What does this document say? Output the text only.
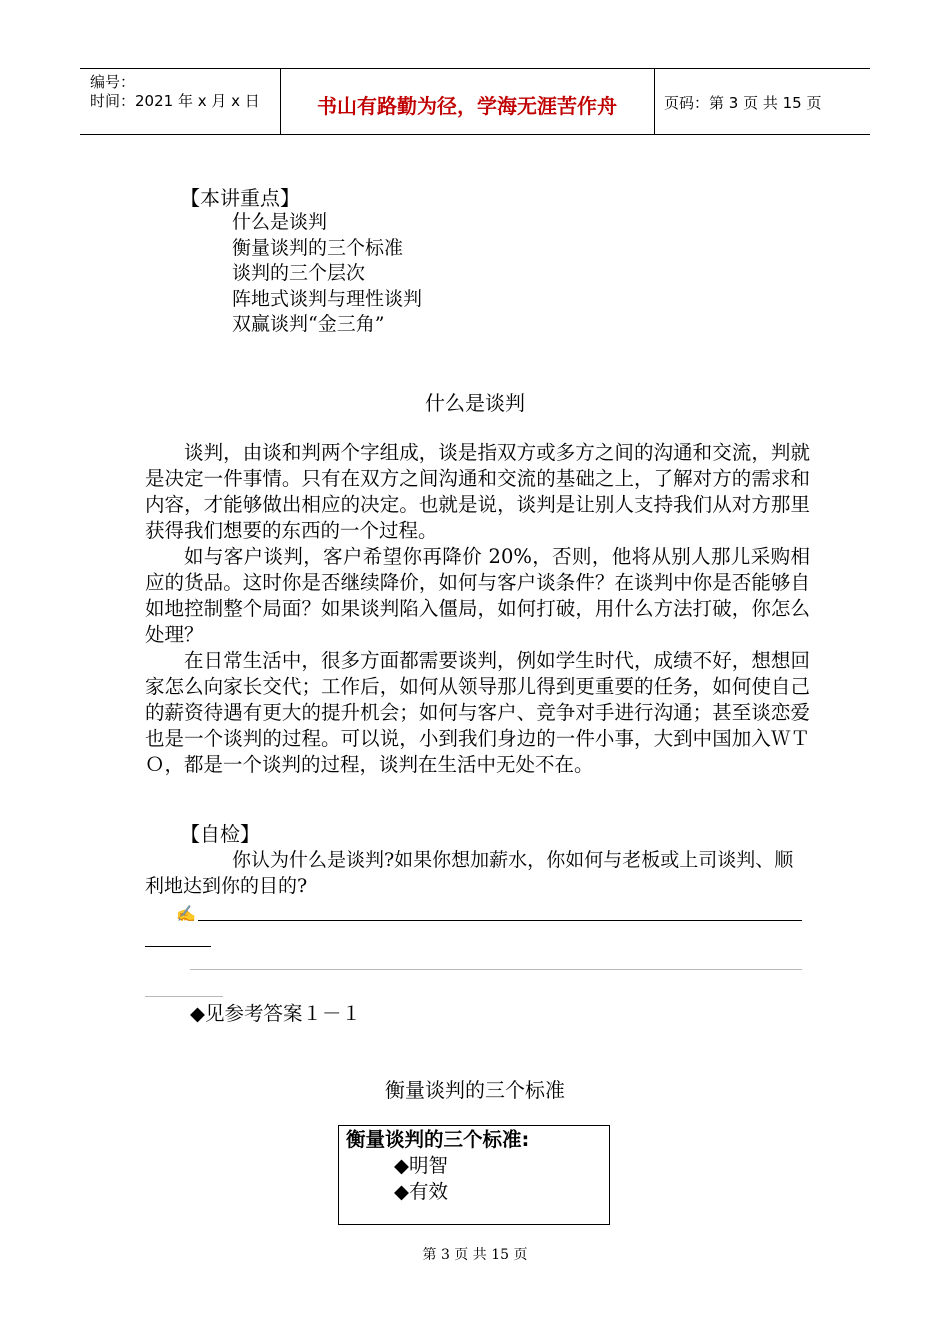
编号：
时间：2021 年 x 月 x 日	书山有路勤为径，学海无涯苦作舟	页码：第 3 页 共 15 页
【本讲重点】
什么是谈判
衡量谈判的三个标准
谈判的三个层次
阵地式谈判与理性谈判
双赢谈判“金三角”
什么是谈判

谈判，由谈和判两个字组成，谈是指双方或多方之间的沟通和交流，判就是决定一件事情。只有在双方之间沟通和交流的基础之上，了解对方的需求和内容，才能够做出相应的决定。也就是说，谈判是让别人支持我们从对方那里获得我们想要的东西的一个过程。

如与客户谈判，客户希望你再降价 20%，否则，他将从别人那儿采购相应的货品。这时你是否继续降价，如何与客户谈条件？在谈判中你是否能够自如地控制整个局面？如果谈判陷入僵局，如何打破，用什么方法打破，你怎么处理？

在日常生活中，很多方面都需要谈判，例如学生时代，成绩不好，想想回家怎么向家长交代；工作后，如何从领导那儿得到更重要的任务，如何使自己的薪资待遇有更大的提升机会；如何与客户、竞争对手进行沟通；甚至谈恋爱也是一个谈判的过程。可以说，小到我们身边的一件小事，大到中国加入ＷＴＯ，都是一个谈判的过程，谈判在生活中无处不在。

【自检】
你认为什么是谈判?如果你想加薪水，你如何与老板或上司谈判、顺利地达到你的目的?
✍
◆见参考答案１－１
衡量谈判的三个标准
衡量谈判的三个标准:
◆明智
◆有效
第 3 页 共 15 页
